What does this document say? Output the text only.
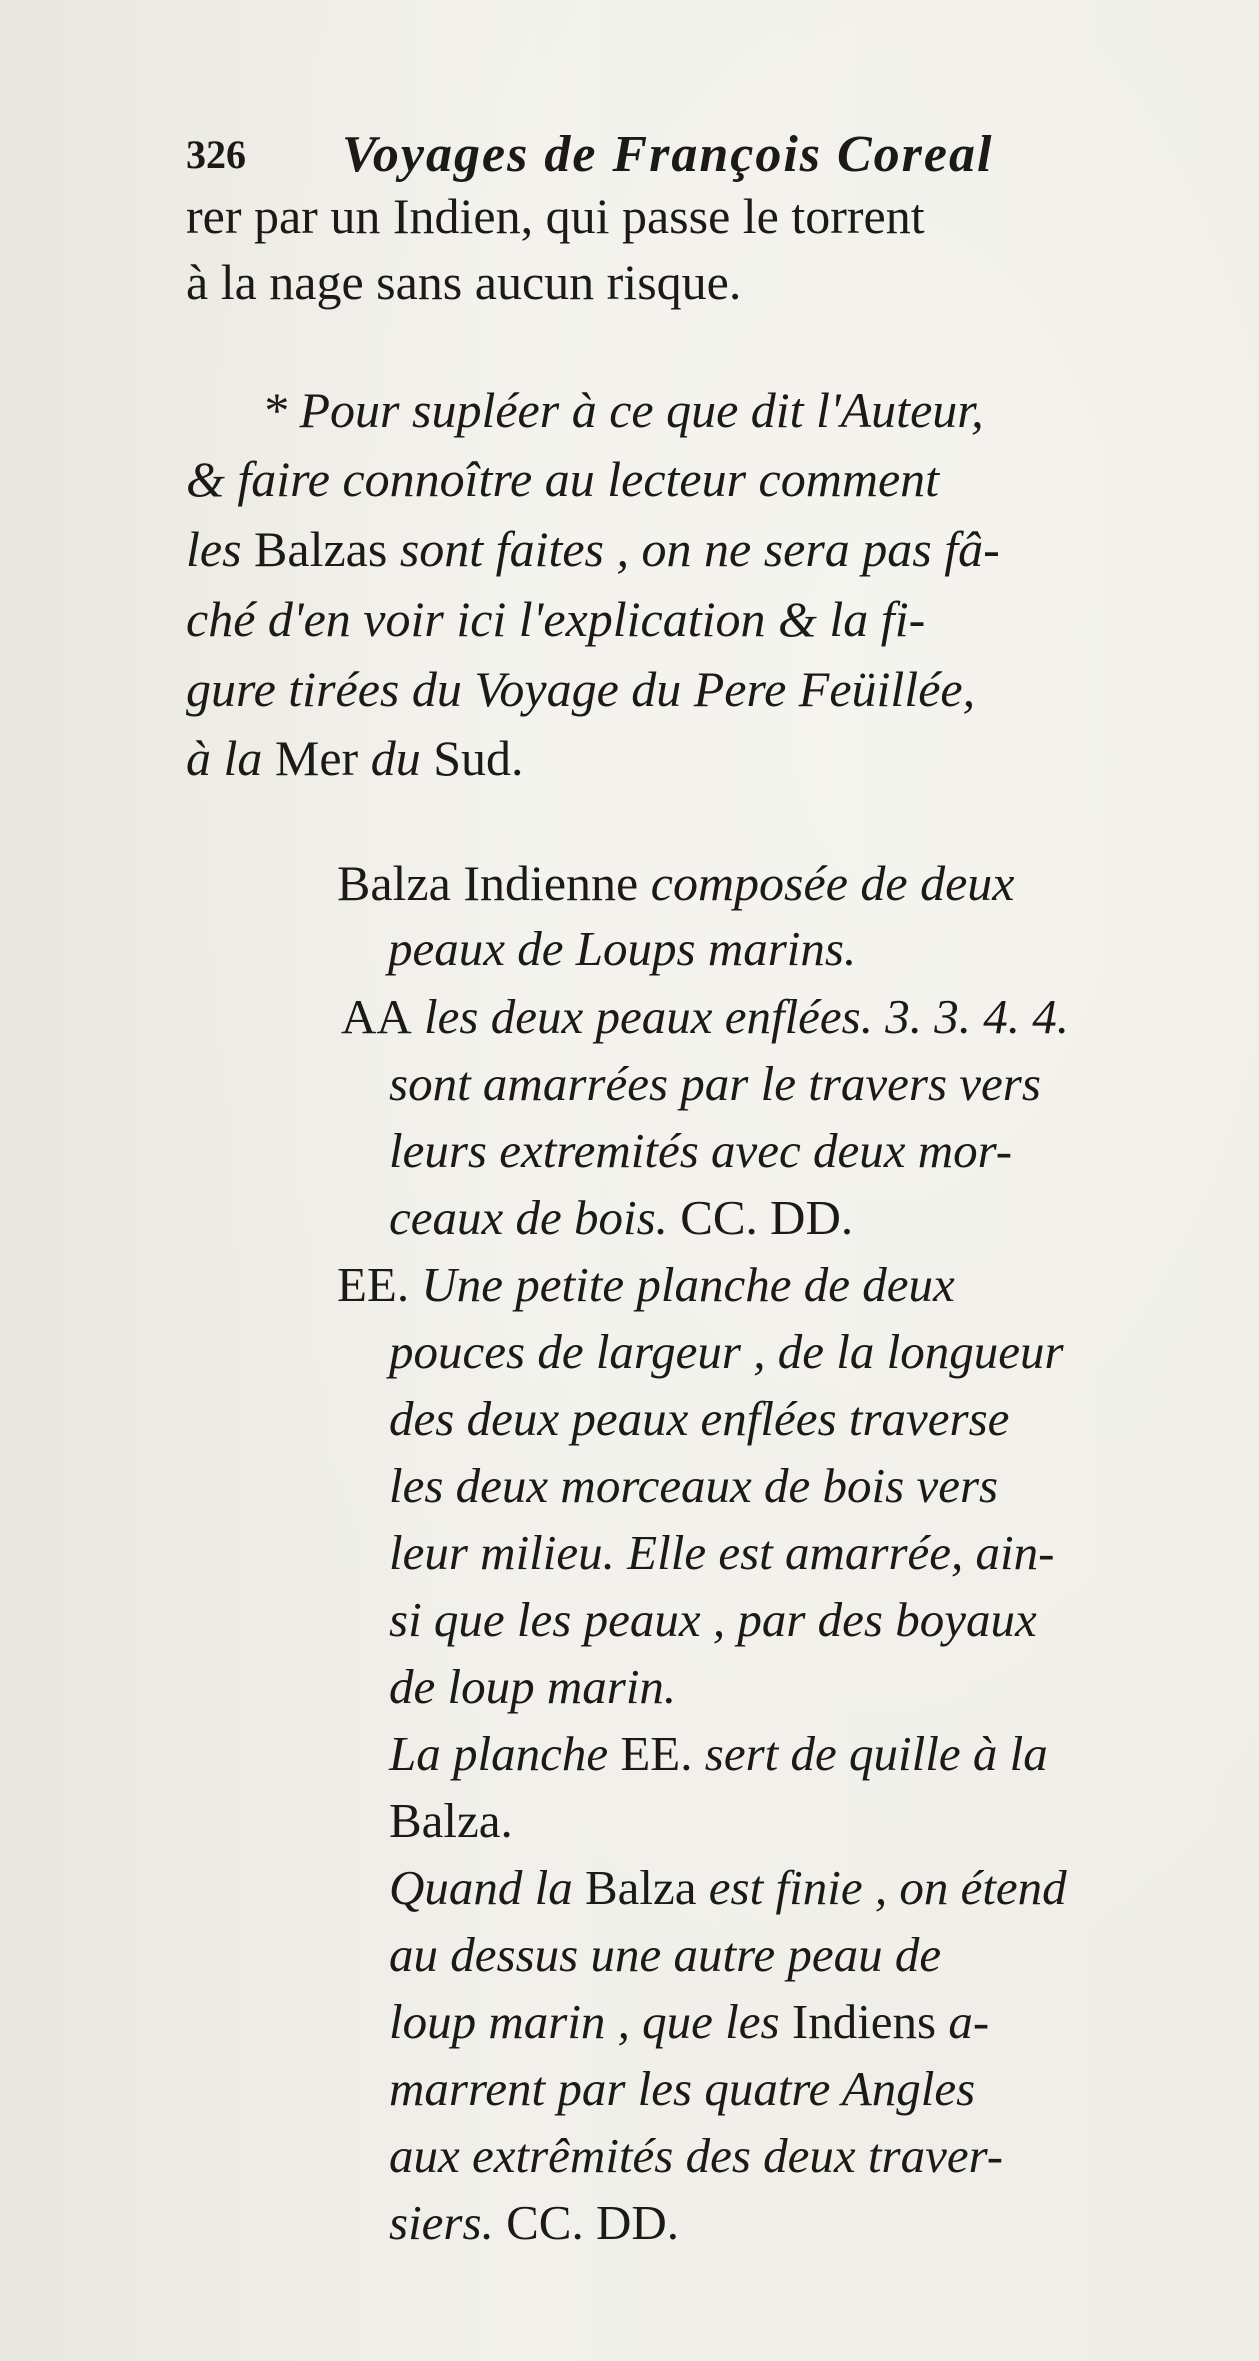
326 Voyages de François Coreal
rer par un Indien, qui passe le torrent
à la nage sans aucun risque.
* Pour supléer à ce que dit l'Auteur,
& faire connoître au lecteur comment
les Balzas sont faites , on ne sera pas fâ-
ché d'en voir ici l'explication & la fi-
gure tirées du Voyage du Pere Feüillée,
à la Mer du Sud.
Balza Indienne composée de deux
peaux de Loups marins.
AA les deux peaux enflées. 3. 3. 4. 4.
sont amarrées par le travers vers
leurs extremités avec deux mor-
ceaux de bois. CC. DD.
EE. Une petite planche de deux
pouces de largeur , de la longueur
des deux peaux enflées traverse
les deux morceaux de bois vers
leur milieu. Elle est amarrée, ain-
si que les peaux , par des boyaux
de loup marin.
La planche EE. sert de quille à la
Balza.
Quand la Balza est finie , on étend
au dessus une autre peau de
loup marin , que les Indiens a-
marrent par les quatre Angles
aux extrêmités des deux traver-
siers. CC. DD.
